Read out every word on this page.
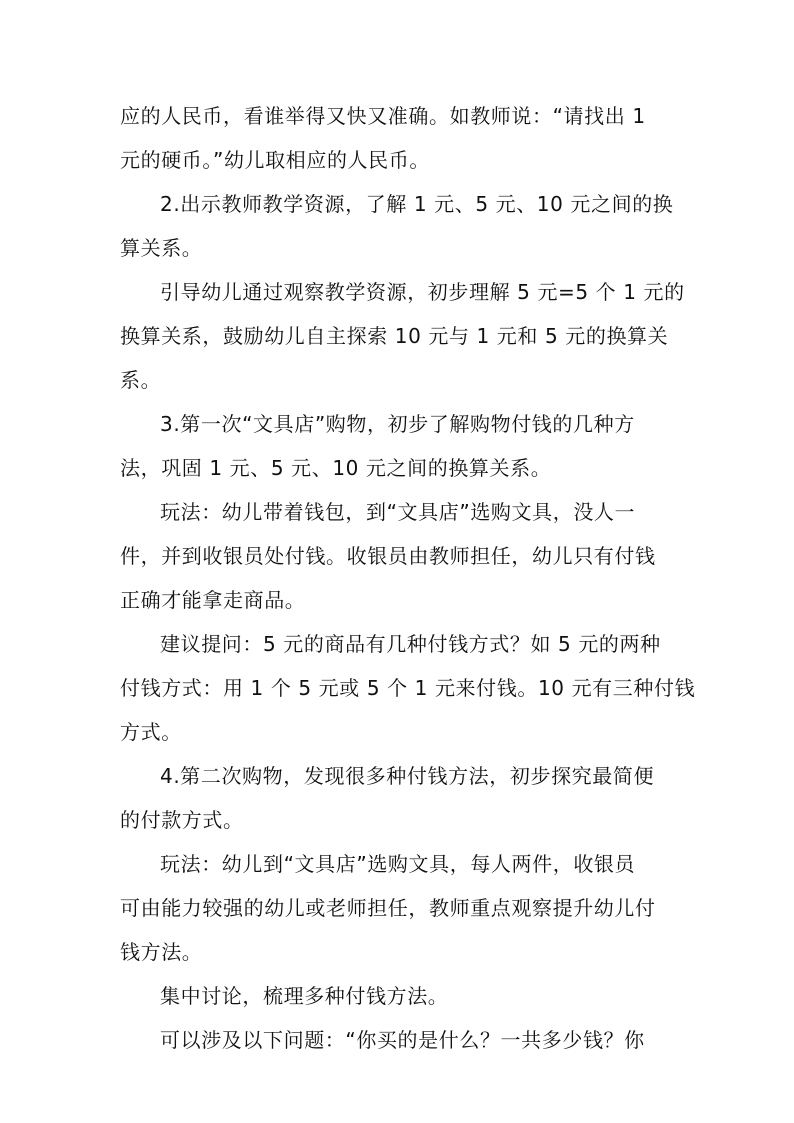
应的人民币，看谁举得又快又准确。如教师说：“请找出 1
元的硬币。”幼儿取相应的人民币。
2.出示教师教学资源，了解 1 元、5 元、10 元之间的换
算关系。
引导幼儿通过观察教学资源，初步理解 5 元=5 个 1 元的
换算关系，鼓励幼儿自主探索 10 元与 1 元和 5 元的换算关
系。
3.第一次“文具店”购物，初步了解购物付钱的几种方
法，巩固 1 元、5 元、10 元之间的换算关系。
玩法：幼儿带着钱包，到“文具店”选购文具，没人一
件，并到收银员处付钱。收银员由教师担任，幼儿只有付钱
正确才能拿走商品。
建议提问：5 元的商品有几种付钱方式？如 5 元的两种
付钱方式：用 1 个 5 元或 5 个 1 元来付钱。10 元有三种付钱
方式。
4.第二次购物，发现很多种付钱方法，初步探究最简便
的付款方式。
玩法：幼儿到“文具店”选购文具，每人两件，收银员
可由能力较强的幼儿或老师担任，教师重点观察提升幼儿付
钱方法。
集中讨论，梳理多种付钱方法。
可以涉及以下问题：“你买的是什么？一共多少钱？你
